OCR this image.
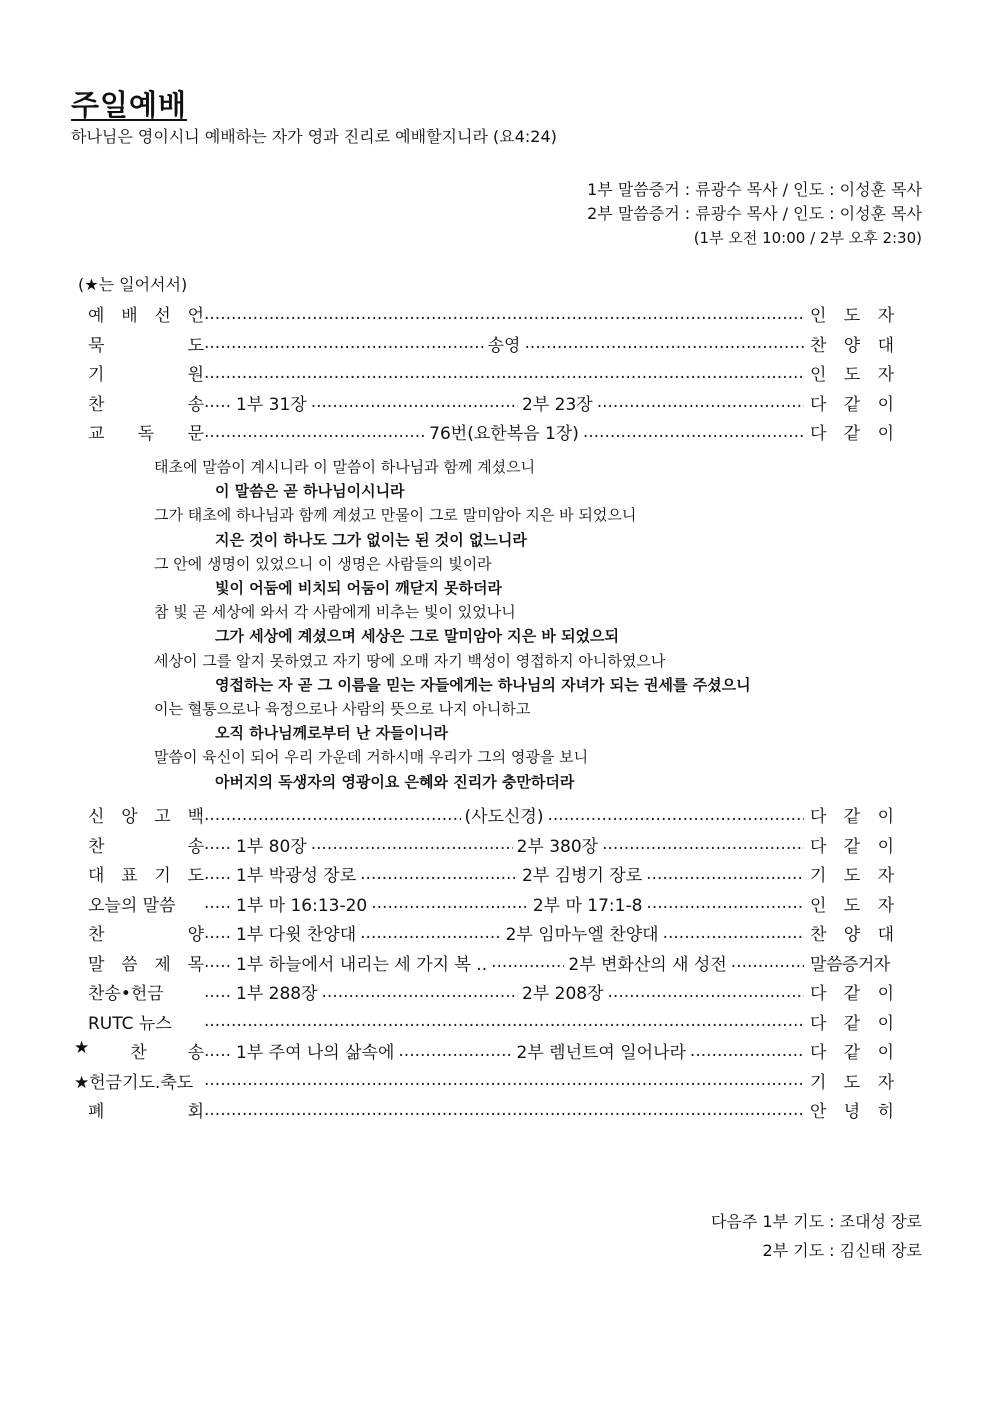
주일예배
하나님은 영이시니 예배하는 자가 영과 진리로 예배할지니라 (요4:24)
1부 말씀증거 : 류광수 목사 / 인도 : 이성훈 목사
2부 말씀증거 : 류광수 목사 / 인도 : 이성훈 목사
(1부 오전 10:00 / 2부 오후 2:30)
(★는 일어서서)
예 배 선 언 .....	인 도 자
묵	도 .....	송영 .....	찬 양 대
기	원 .....	인 도 자
찬	송 ..... 1부 31장 .....	2부 23장 .....	다 같 이
교 독 문 .....	76번(요한복음 1장) .....	다 같 이
태초에 말씀이 계시니라 이 말씀이 하나님과 함께 계셨으니
이 말씀은 곧 하나님이시니라
그가 태초에 하나님과 함께 계셨고 만물이 그로 말미암아 지은 바 되었으니
지은 것이 하나도 그가 없이는 된 것이 없느니라
그 안에 생명이 있었으니 이 생명은 사람들의 빛이라
빛이 어둠에 비치되 어둠이 깨닫지 못하더라
참 빛 곧 세상에 와서 각 사람에게 비추는 빛이 있었나니
그가 세상에 계셨으며 세상은 그로 말미암아 지은 바 되었으되
세상이 그를 알지 못하였고 자기 땅에 오매 자기 백성이 영접하지 아니하였으나
영접하는 자 곧 그 이름을 믿는 자들에게는 하나님의 자녀가 되는 권세를 주셨으니
이는 혈통으로나 육정으로나 사람의 뜻으로 나지 아니하고
오직 하나님께로부터 난 자들이니라
말씀이 육신이 되어 우리 가운데 거하시매 우리가 그의 영광을 보니
아버지의 독생자의 영광이요 은혜와 진리가 충만하더라
신 앙 고 백 .....	(사도신경) .....	다 같 이
찬	송 ..... 1부 80장 .....	2부 380장 .....	다 같 이
대 표 기 도 ..... 1부 박광성 장로 .....	2부 김병기 장로 .....	기 도 자
오늘의 말씀 .....	1부 마 16:13-20 .....	2부 마 17:1-8 .....	인 도 자
찬	양 ..... 1부 다윗 찬양대 .....	2부 임마누엘 찬양대 .....	찬 양 대
말 씀 제 목 ..... 1부 하늘에서 내리는 세 가지 복 .. .....	2부 변화산의 새 성전 .....	말 씀 증 거 자
찬송•헌금 .....	1부 288장 .....	2부 208장 .....	다 같 이
RUTC 뉴스 .....	다 같 이
★ 찬 송 ..... 1부 주여 나의 삶속에 .....	2부 렘넌트여 일어나라 .....	다 같 이
★헌금기도.축도 .....	기 도 자
폐	회 .....	안 녕 히
다음주 1부 기도 : 조대성 장로
2부 기도 : 김신태 장로
